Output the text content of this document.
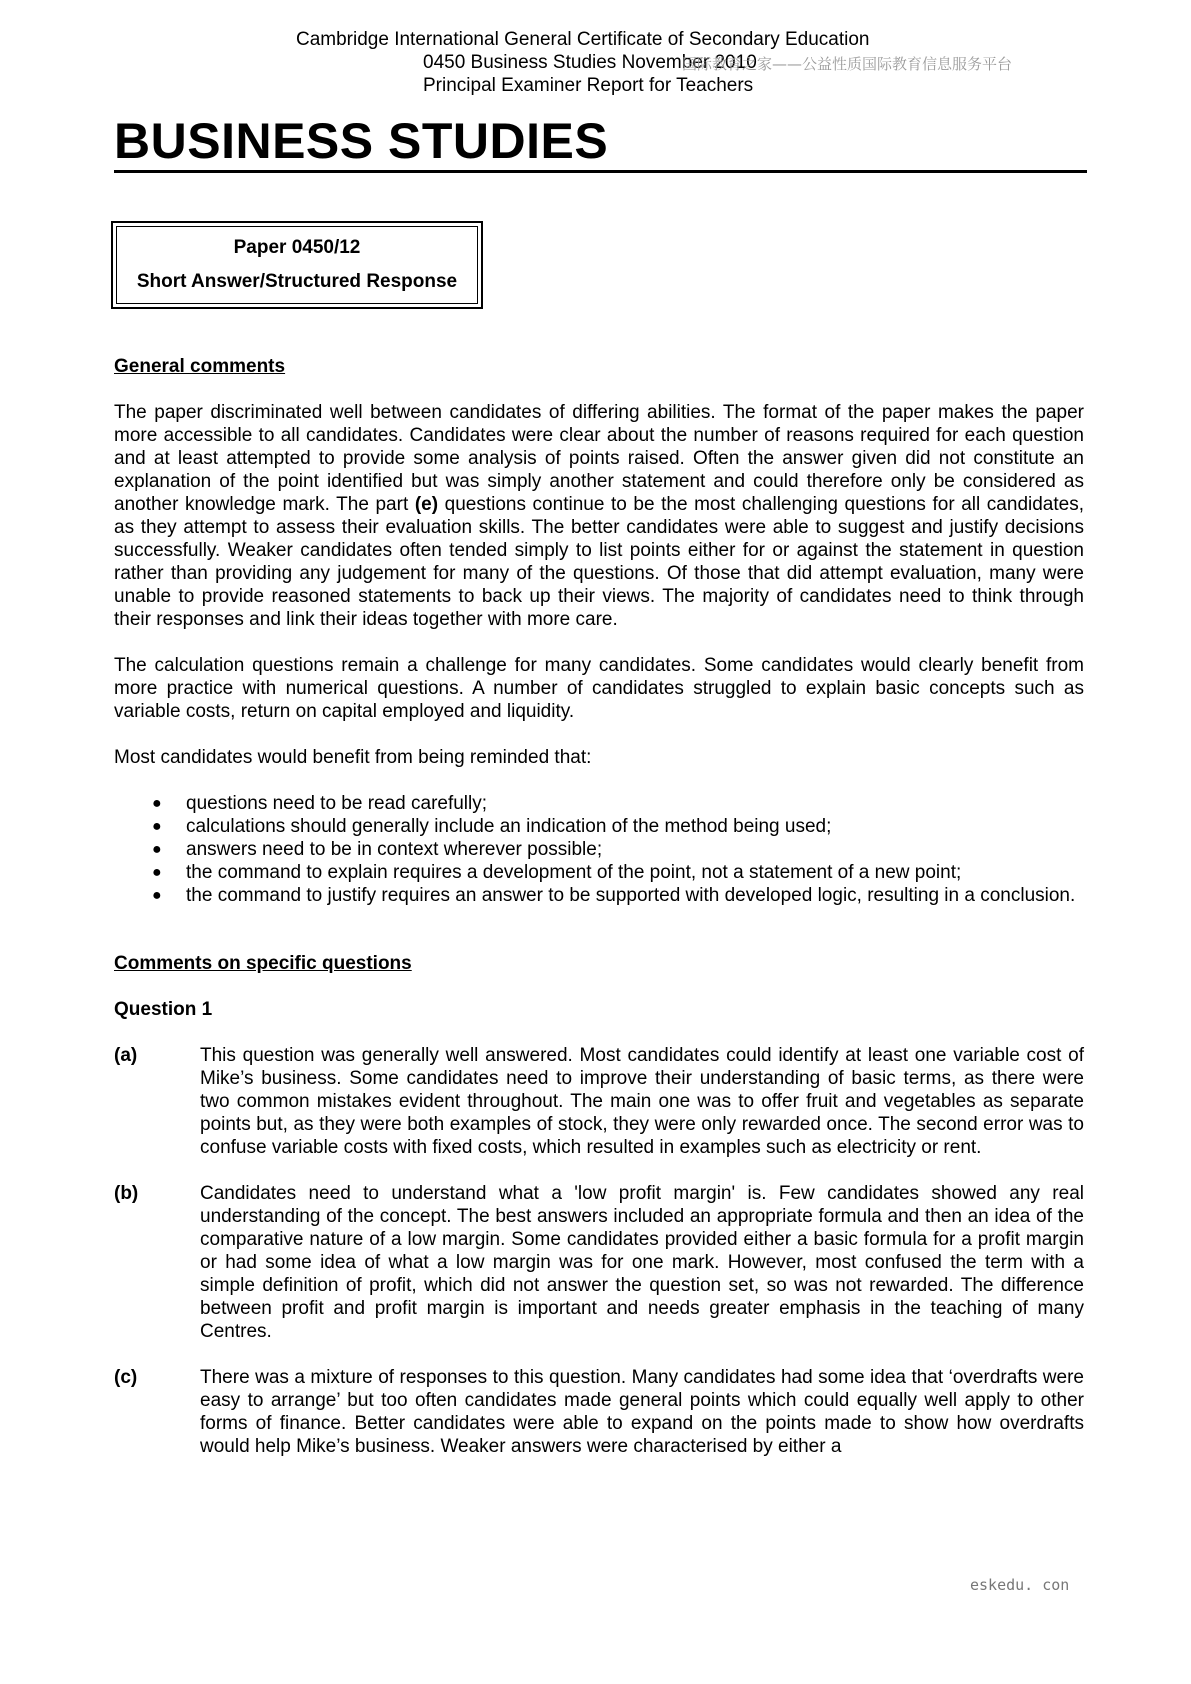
Cambridge International General Certificate of Secondary Education
0450 Business Studies November 2010
Principal Examiner Report for Teachers
国际教育之家——公益性质国际教育信息服务平台
BUSINESS STUDIES
Paper 0450/12
Short Answer/Structured Response

General comments

The paper discriminated well between candidates of differing abilities. The format of the paper makes the paper more accessible to all candidates. Candidates were clear about the number of reasons required for each question and at least attempted to provide some analysis of points raised. Often the answer given did not constitute an explanation of the point identified but was simply another statement and could therefore only be considered as another knowledge mark. The part (e) questions continue to be the most challenging questions for all candidates, as they attempt to assess their evaluation skills. The better candidates were able to suggest and justify decisions successfully. Weaker candidates often tended simply to list points either for or against the statement in question rather than providing any judgement for many of the questions. Of those that did attempt evaluation, many were unable to provide reasoned statements to back up their views. The majority of candidates need to think through their responses and link their ideas together with more care.

The calculation questions remain a challenge for many candidates. Some candidates would clearly benefit from more practice with numerical questions. A number of candidates struggled to explain basic concepts such as variable costs, return on capital employed and liquidity.

Most candidates would benefit from being reminded that:

● questions need to be read carefully;
● calculations should generally include an indication of the method being used;
● answers need to be in context wherever possible;
● the command to explain requires a development of the point, not a statement of a new point;
● the command to justify requires an answer to be supported with developed logic, resulting in a conclusion.

Comments on specific questions

Question 1

(a)	This question was generally well answered. Most candidates could identify at least one variable cost of Mike’s business. Some candidates need to improve their understanding of basic terms, as there were two common mistakes evident throughout. The main one was to offer fruit and vegetables as separate points but, as they were both examples of stock, they were only rewarded once. The second error was to confuse variable costs with fixed costs, which resulted in examples such as electricity or rent.
(b)	Candidates need to understand what a 'low profit margin' is. Few candidates showed any real understanding of the concept. The best answers included an appropriate formula and then an idea of the comparative nature of a low margin. Some candidates provided either a basic formula for a profit margin or had some idea of what a low margin was for one mark. However, most confused the term with a simple definition of profit, which did not answer the question set, so was not rewarded. The difference between profit and profit margin is important and needs greater emphasis in the teaching of many Centres.
(c)	There was a mixture of responses to this question. Many candidates had some idea that ‘overdrafts were easy to arrange’ but too often candidates made general points which could equally well apply to other forms of finance. Better candidates were able to expand on the points made to show how overdrafts would help Mike’s business. Weaker answers were characterised by either a
eskedu. con
